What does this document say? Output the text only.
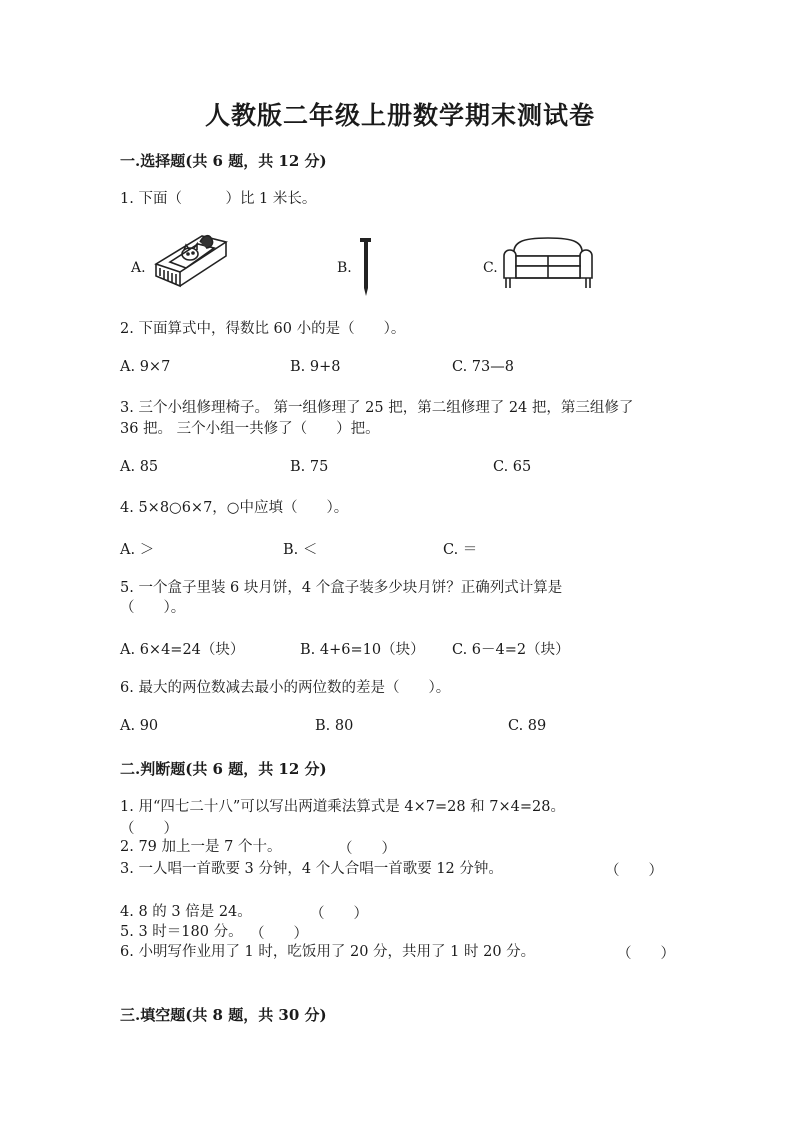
人教版二年级上册数学期末测试卷
一.选择题(共 6 题，共 12 分)
1. 下面（　　　）比 1 米长。
A.	B.	C.
2. 下面算式中，得数比 60 小的是（　　）。
A. 9×7	B. 9+8	C. 73—8
3. 三个小组修理椅子。 第一组修理了 25 把，第二组修理了 24 把，第三组修了
36 把。 三个小组一共修了（　　）把。
A. 85	B. 75	C. 65
4. 5×8○6×7，○中应填（　　）。
A. ＞	B. ＜	C. ＝
5. 一个盒子里装 6 块月饼，4 个盒子装多少块月饼？正确列式计算是
（　　）。
A. 6×4=24（块）	B. 4+6=10（块） C. 6－4=2（块）
6. 最大的两位数减去最小的两位数的差是（　　）。
A. 90	B. 80	C. 89
二.判断题(共 6 题，共 12 分)
1. 用“四七二十八”可以写出两道乘法算式是 4×7=28 和 7×4=28。
（　　）
2. 79 加上一是 7 个十。	（　　）
3. 一人唱一首歌要 3 分钟，4 个人合唱一首歌要 12 分钟。	（　　）
4. 8 的 3 倍是 24。	（　　）
5. 3 时＝180 分。 （　　）
6. 小明写作业用了 1 时，吃饭用了 20 分，共用了 1 时 20 分。	（　　）
三.填空题(共 8 题，共 30 分)
